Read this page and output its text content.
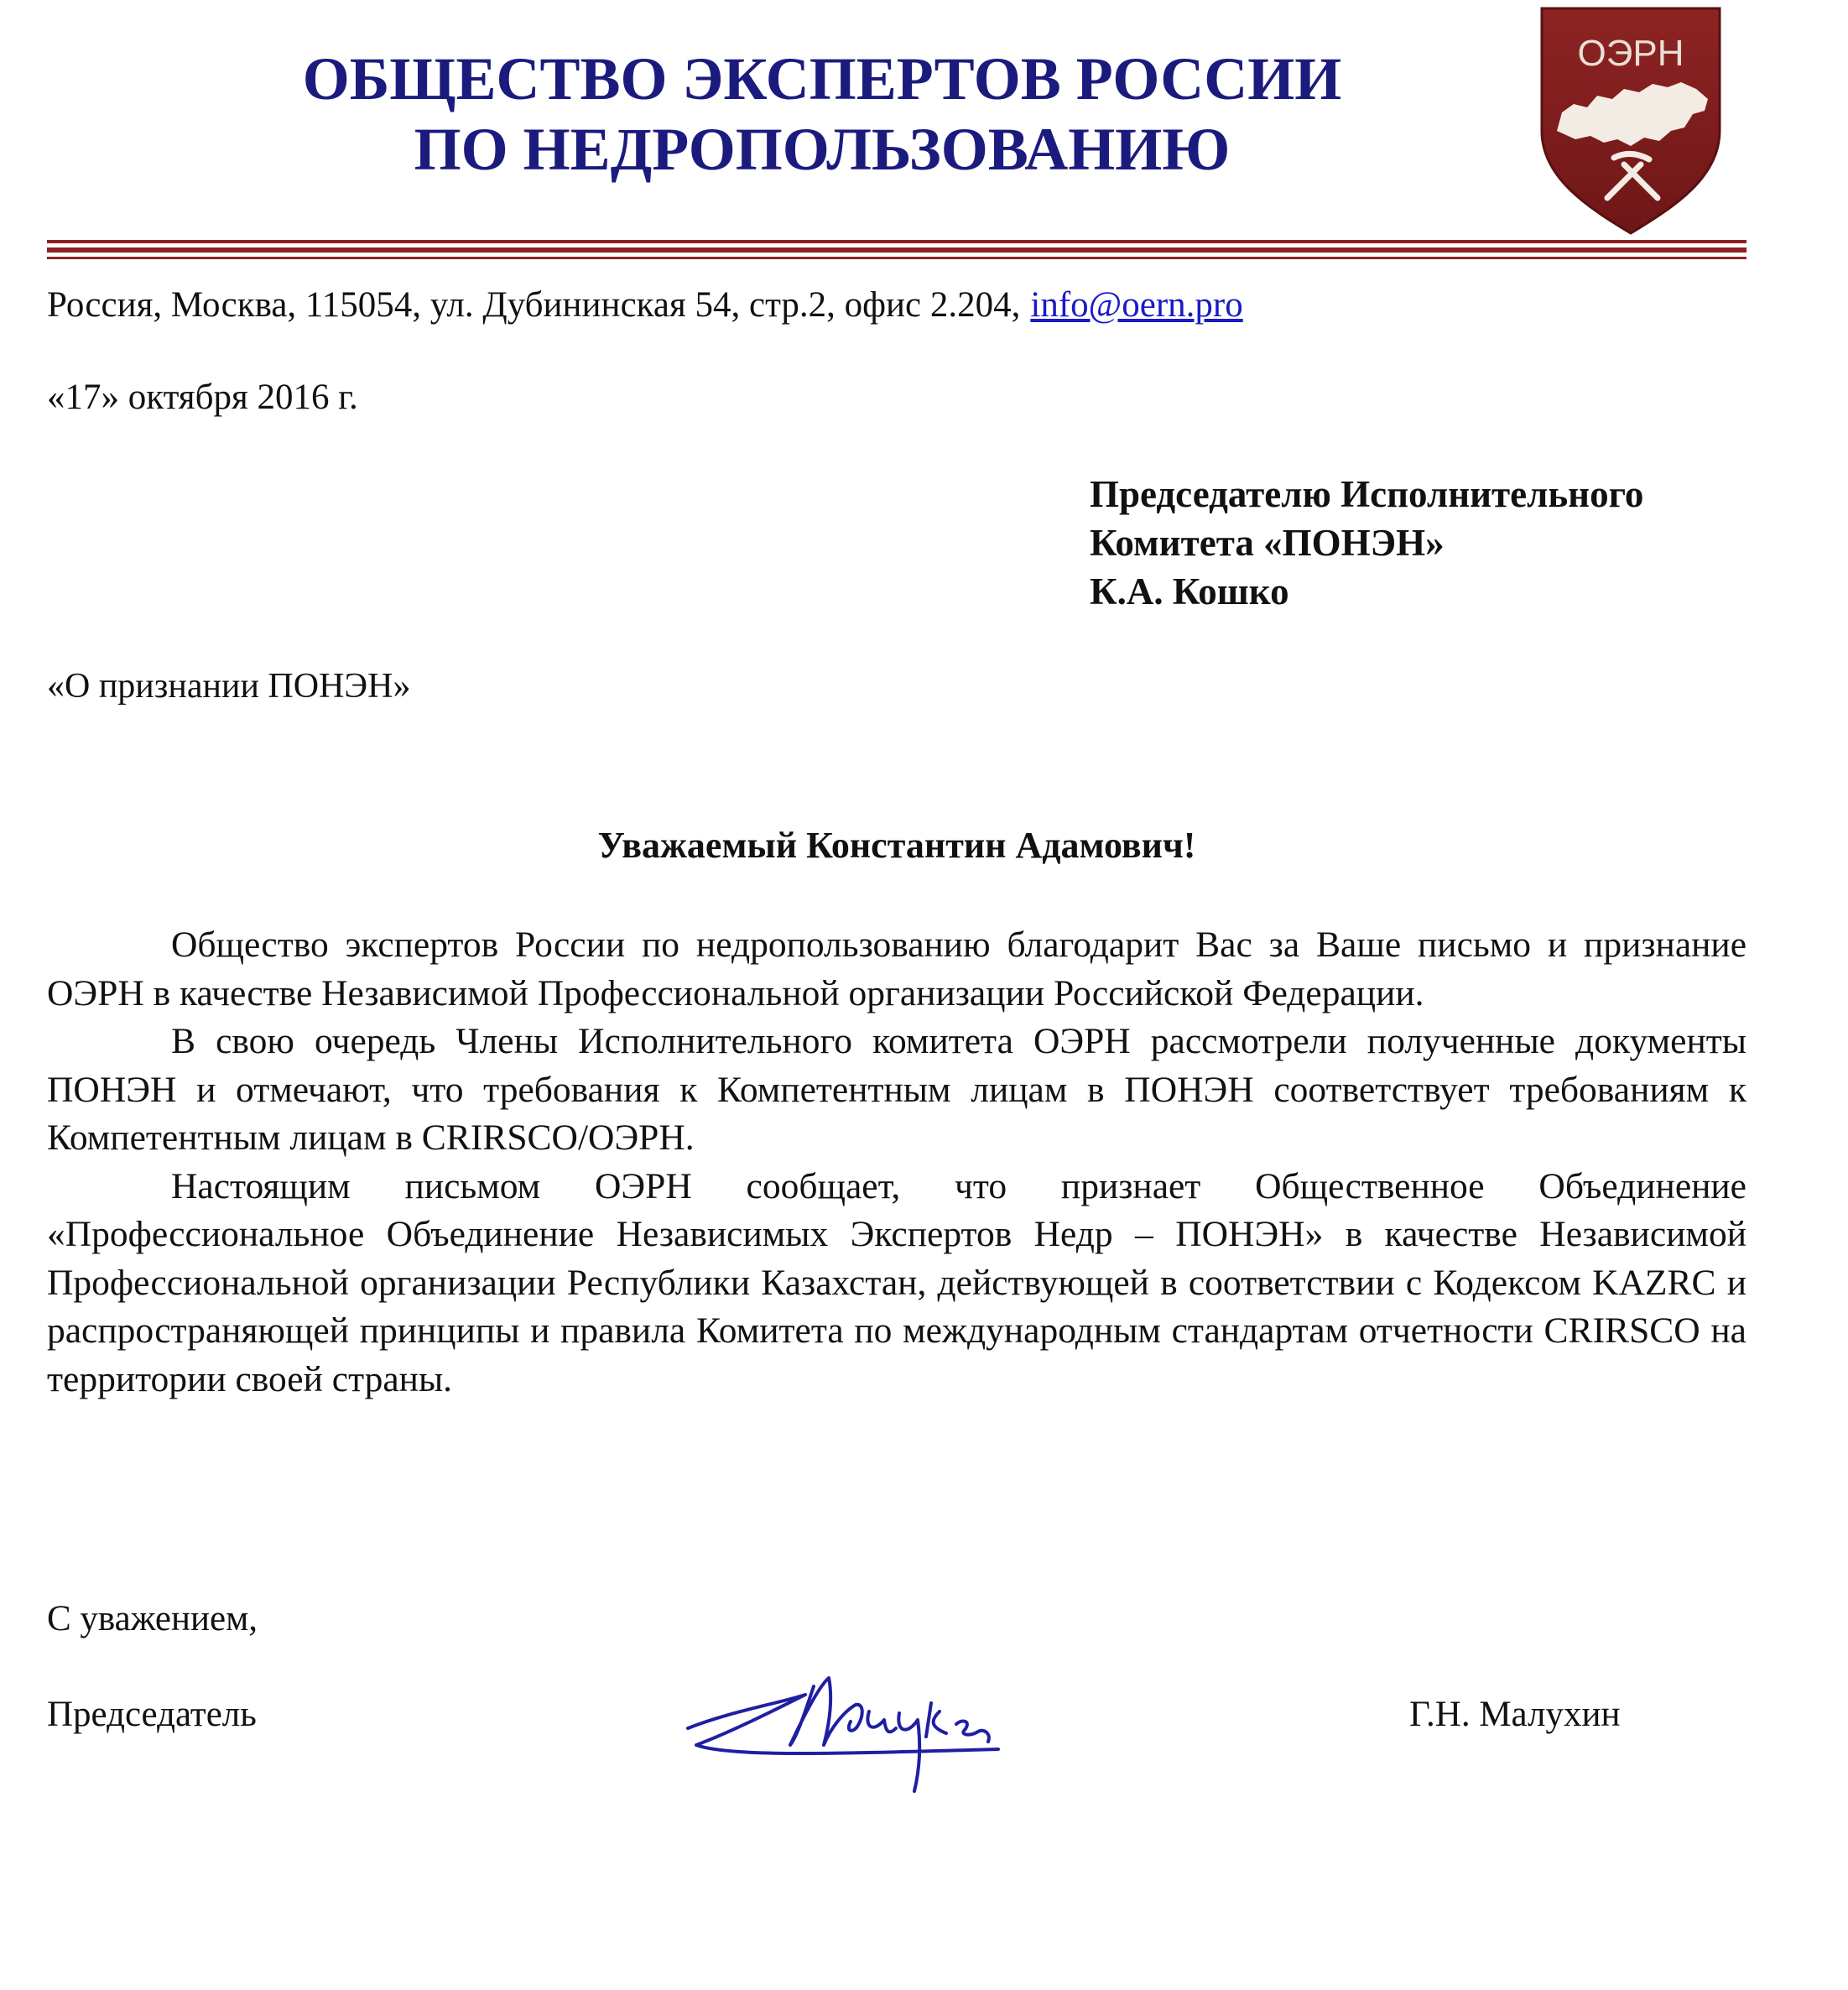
ОБЩЕСТВО ЭКСПЕРТОВ РОССИИ
ПО НЕДРОПОЛЬЗОВАНИЮ
ОЭРН
Россия, Москва, 115054, ул. Дубининская 54, стр.2, офис 2.204, info@oern.pro
«17» октября 2016 г.
Председателю Исполнительного
Комитета «ПОНЭН»
К.А. Кошко
«О признании ПОНЭН»
Уважаемый Константин Адамович!

Общество экспертов России по недропользованию благодарит Вас за Ваше письмо и признание ОЭРН в качестве Независимой Профессиональной организации Российской Федерации.

В свою очередь Члены Исполнительного комитета ОЭРН рассмотрели полученные документы ПОНЭН и отмечают, что требования к Компетентным лицам в ПОНЭН соответствует требованиям к Компетентным лицам в CRIRSCO/ОЭРН.

Настоящим письмом ОЭРН сообщает, что признает Общественное Объединение «Профессиональное Объединение Независимых Экспертов Недр – ПОНЭН» в качестве Независимой Профессиональной организации Республики Казахстан, действующей в соответствии с Кодексом KAZRC и распространяющей принципы и правила Комитета по международным стандартам отчетности CRIRSCO на территории своей страны.

С уважением,
Председатель	Г.Н. Малухин
